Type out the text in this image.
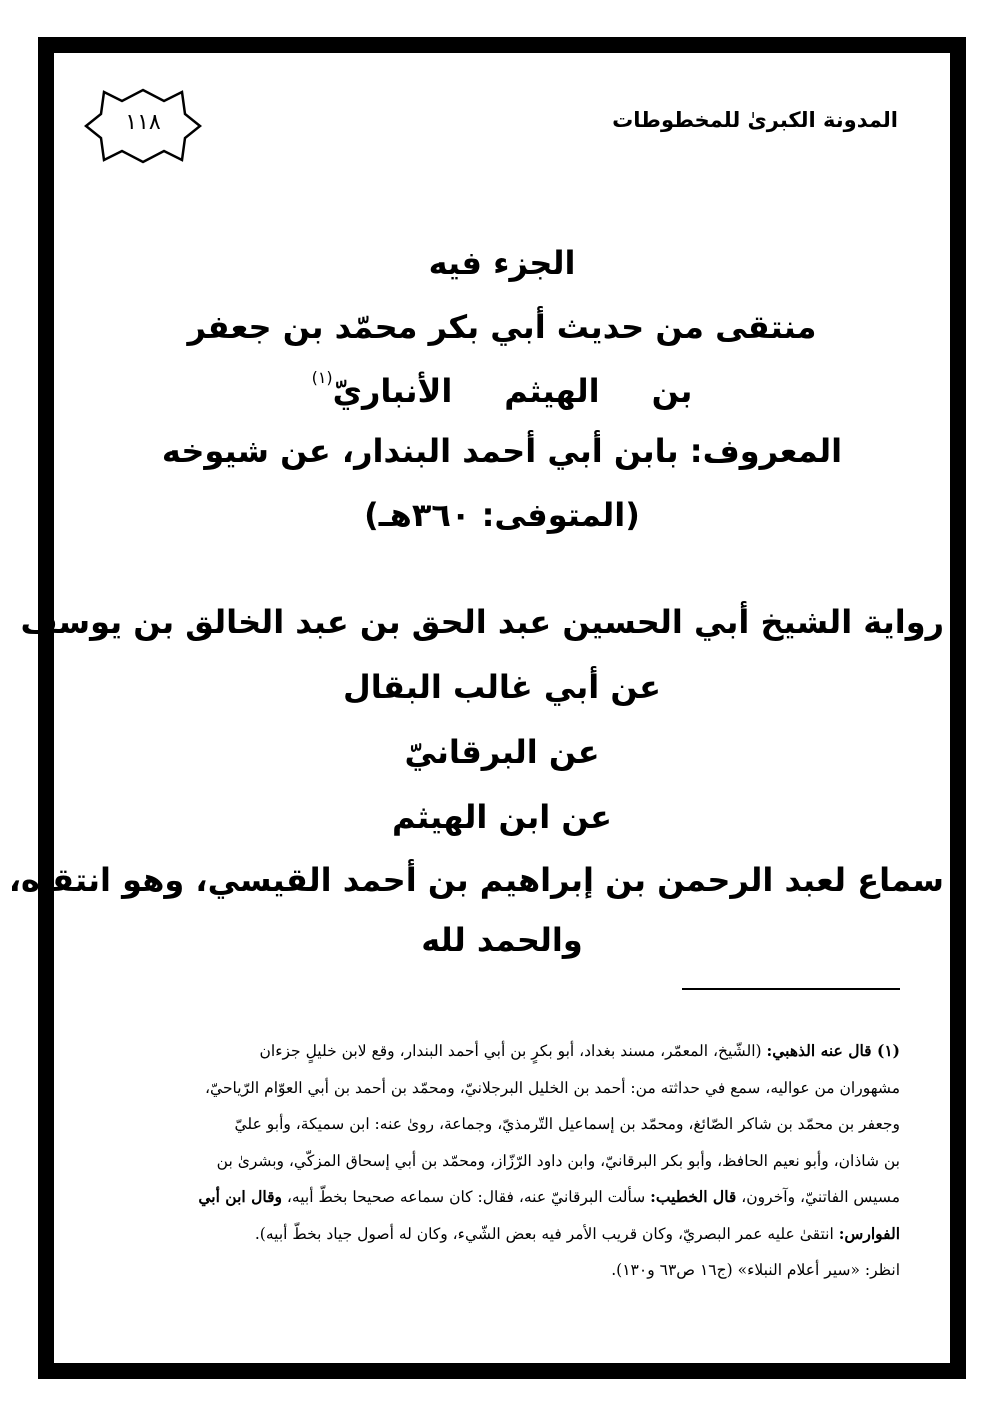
المدونة الكبرىٰ للمخطوطات
١١٨
الجزء فيه
منتقى من حديث أبي بكر محمّد بن جعفر
بنالهيثمالأنباريّ$^{(١)}$
المعروف: بابن أبي أحمد البندار، عن شيوخه
(المتوفى: ٣٦٠هـ)
رواية الشيخ أبي الحسين عبد الحق بن عبد الخالق بن يوسف
عن أبي غالب البقال
عن البرقانيّ
عن ابن الهيثم
سماع لعبد الرحمن بن إبراهيم بن أحمد القيسي، وهو انتقاه،
والحمد لله
(١) قال عنه الذهبي: (الشّيخ، المعمّر، مسند بغداد، أبو بكرٍ بن أبي أحمد البندار، وقع لابن خليلٍ جزءان
مشهوران من عواليه، سمع في حداثته من: أحمد بن الخليل البرجلانيّ، ومحمّد بن أحمد بن أبي العوّام الرّياحيّ،
وجعفر بن محمّد بن شاكر الصّائغ، ومحمّد بن إسماعيل التّرمذيّ، وجماعة، روىٰ عنه: ابن سميكة، وأبو عليّ
بن شاذان، وأبو نعيم الحافظ، وأبو بكر البرقانيّ، وابن داود الرّزّاز، ومحمّد بن أبي إسحاق المزكّي، وبشرىٰ بن
مسيس الفاتنيّ، وآخرون، قال الخطيب: سألت البرقانيّ عنه، فقال: كان سماعه صحيحا بخطّ أبيه، وقال ابن أبي
الفوارس: انتقىٰ عليه عمر البصريّ، وكان قريب الأمر فيه بعض الشّيء، وكان له أصول جياد بخطّ أبيه).
انظر: «سير أعلام النبلاء» (ج١٦ ص٦٣ و١٣٠).
